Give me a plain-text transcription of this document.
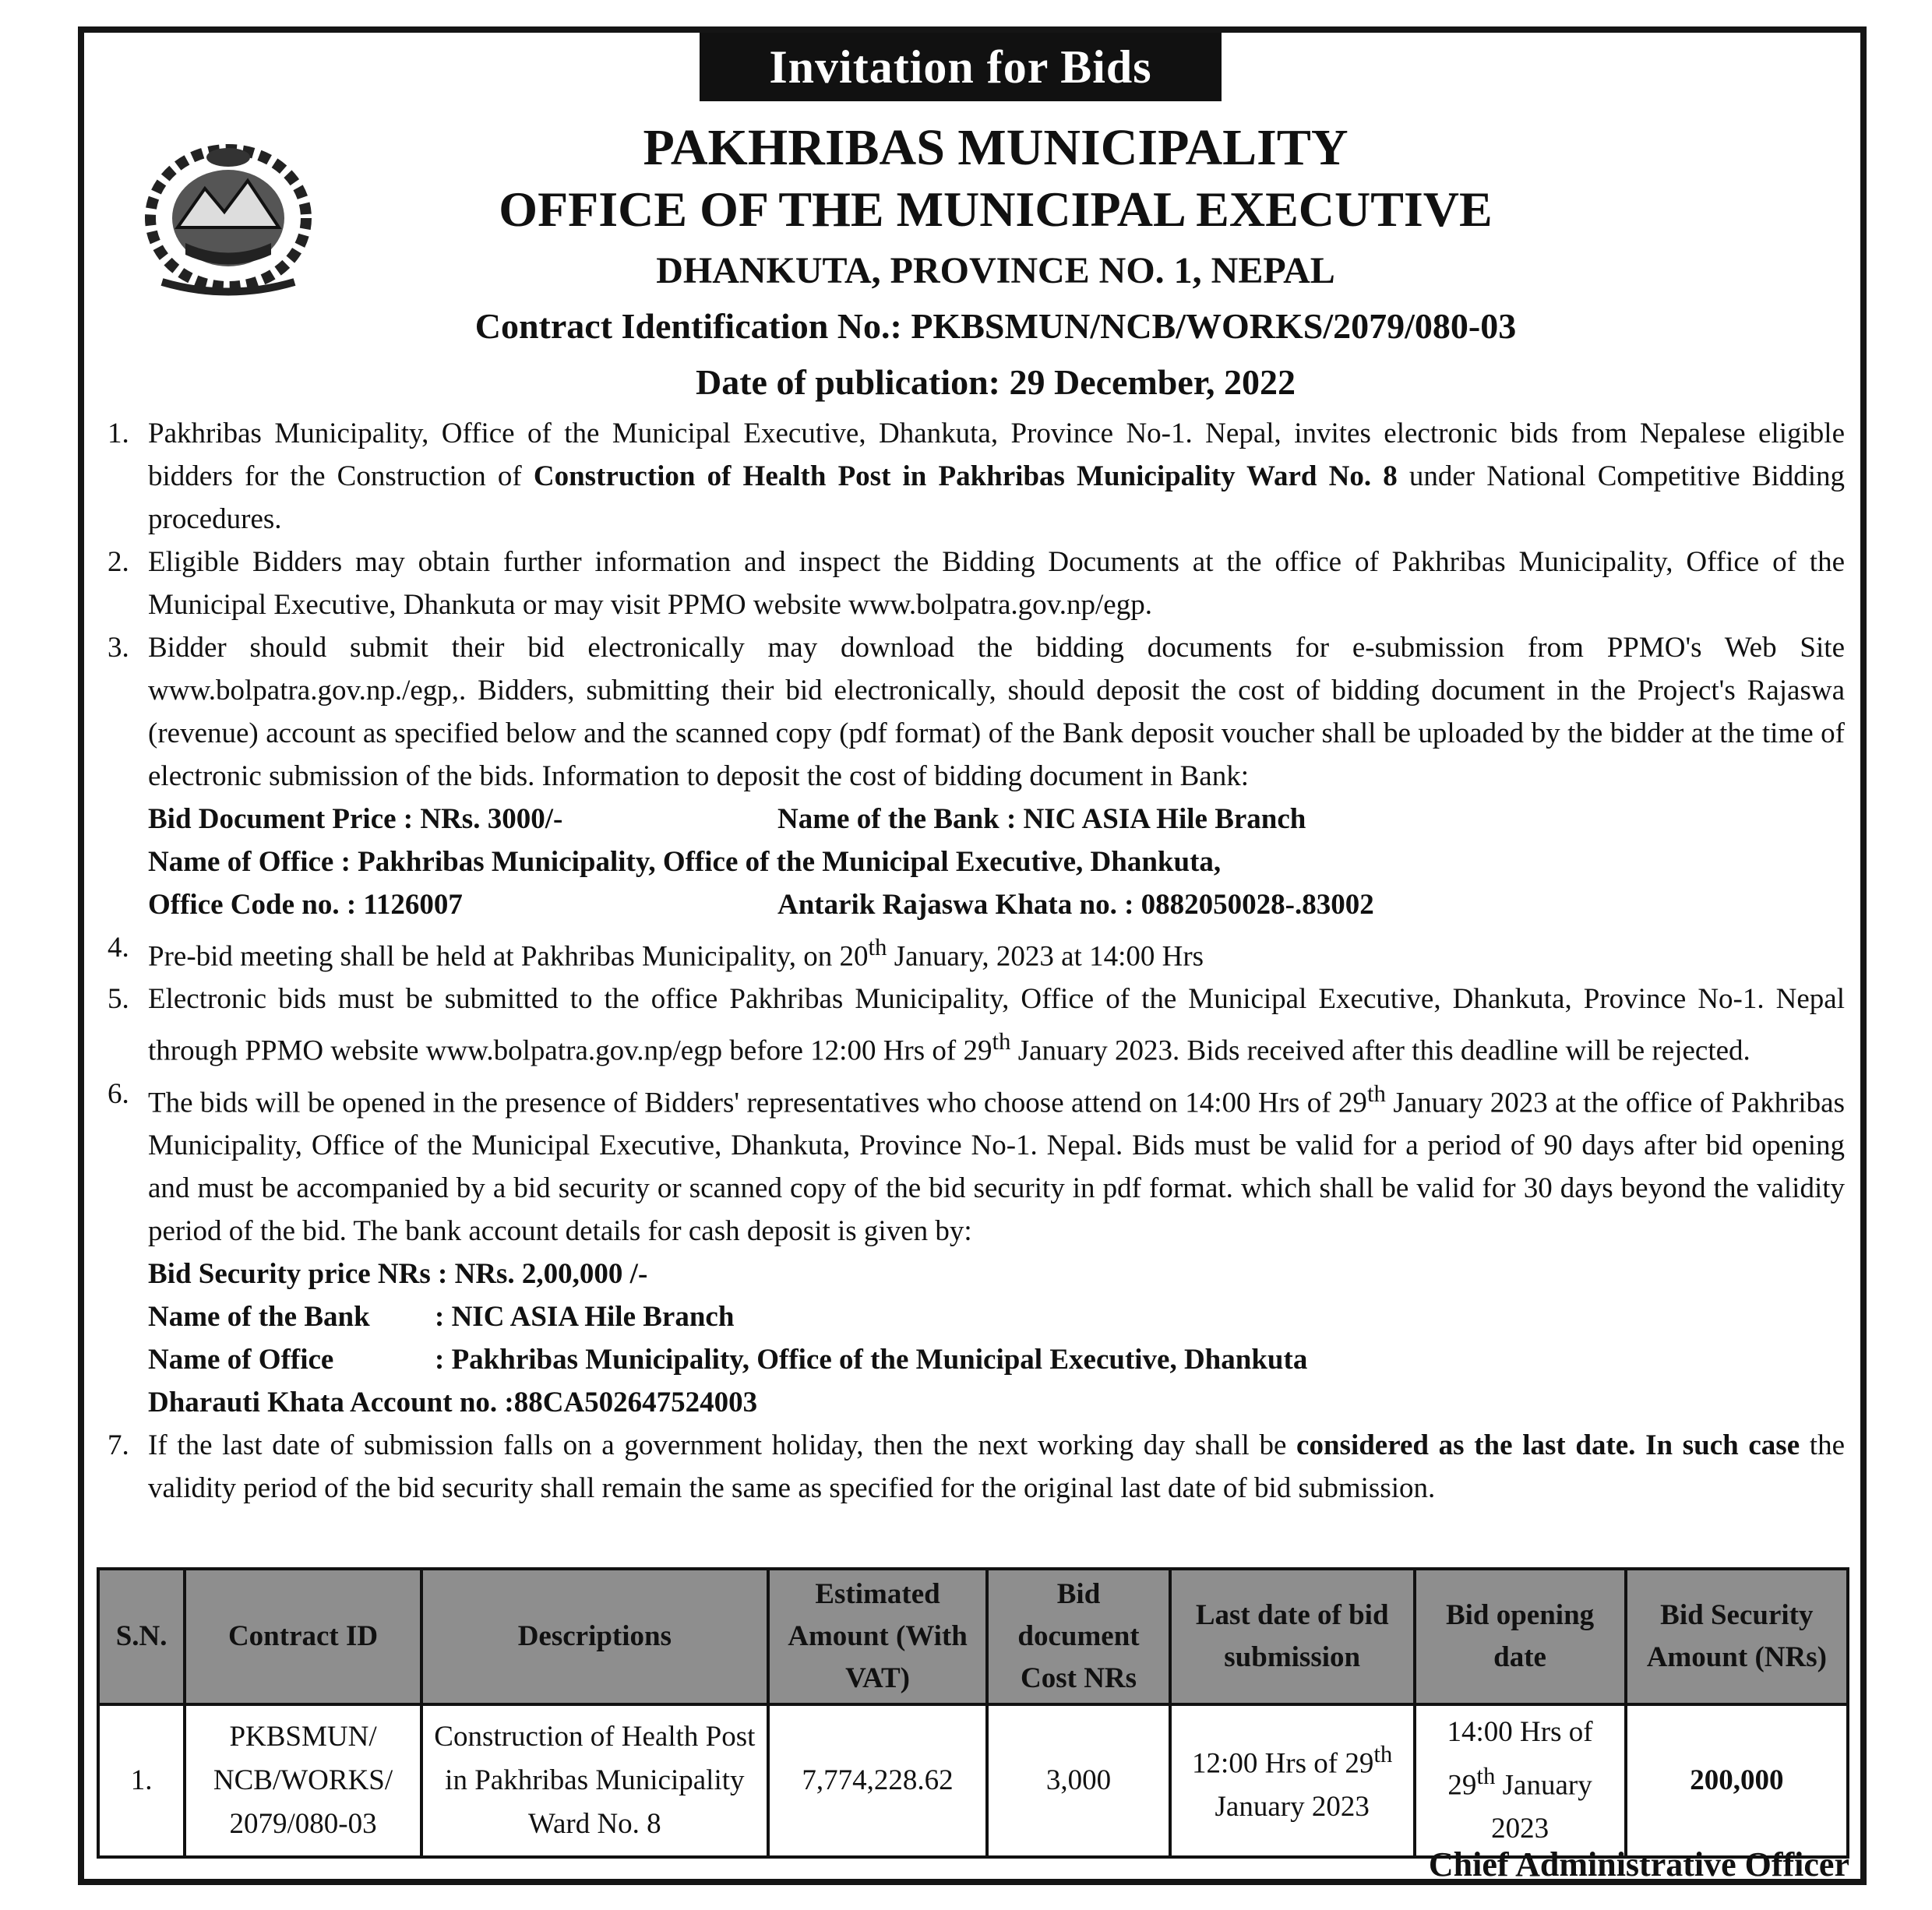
Invitation for Bids
PAKHRIBAS MUNICIPALITY
OFFICE OF THE MUNICIPAL EXECUTIVE
DHANKUTA, PROVINCE NO. 1, NEPAL
Contract Identification No.: PKBSMUN/NCB/WORKS/2079/080-03
Date of publication: 29 December, 2022
1. Pakhribas Municipality, Office of the Municipal Executive, Dhankuta, Province No-1. Nepal, invites electronic bids from Nepalese eligible bidders for the Construction of Construction of Health Post in Pakhribas Municipality Ward No. 8 under National Competitive Bidding procedures.
2. Eligible Bidders may obtain further information and inspect the Bidding Documents at the office of Pakhribas Municipality, Office of the Municipal Executive, Dhankuta or may visit PPMO website www.bolpatra.gov.np/egp.
3. Bidder should submit their bid electronically may download the bidding documents for e-submission from PPMO's Web Site www.bolpatra.gov.np./egp,. Bidders, submitting their bid electronically, should deposit the cost of bidding document in the Project's Rajaswa (revenue) account as specified below and the scanned copy (pdf format) of the Bank deposit voucher shall be uploaded by the bidder at the time of electronic submission of the bids. Information to deposit the cost of bidding document in Bank:
Bid Document Price : NRs. 3000/-	Name of the Bank : NIC ASIA Hile Branch
Name of Office : Pakhribas Municipality, Office of the Municipal Executive, Dhankuta,
Office Code no. : 1126007	Antarik Rajaswa Khata no. : 0882050028-.83002
4. Pre-bid meeting shall be held at Pakhribas Municipality, on 20th January, 2023 at 14:00 Hrs
5. Electronic bids must be submitted to the office Pakhribas Municipality, Office of the Municipal Executive, Dhankuta, Province No-1. Nepal through PPMO website www.bolpatra.gov.np/egp before 12:00 Hrs of 29th January 2023. Bids received after this deadline will be rejected.
6. The bids will be opened in the presence of Bidders' representatives who choose attend on 14:00 Hrs of 29th January 2023 at the office of Pakhribas Municipality, Office of the Municipal Executive, Dhankuta, Province No-1. Nepal. Bids must be valid for a period of 90 days after bid opening and must be accompanied by a bid security or scanned copy of the bid security in pdf format. which shall be valid for 30 days beyond the validity period of the bid. The bank account details for cash deposit is given by:
Bid Security price NRs : NRs. 2,00,000 /-
Name of the Bank : NIC ASIA Hile Branch
Name of Office	: Pakhribas Municipality, Office of the Municipal Executive, Dhankuta
Dharauti Khata Account no. :88CA502647524003
7. If the last date of submission falls on a government holiday, then the next working day shall be considered as the last date. In such case the validity period of the bid security shall remain the same as specified for the original last date of bid submission.
S.N.	Contract ID	Descriptions	Estimated Amount (With VAT)	Bid document Cost NRs	Last date of bid submission	Bid opening date	Bid Security Amount (NRs)
1.	PKBSMUN/ NCB/WORKS/ 2079/080-03	Construction of Health Post in Pakhribas Municipality Ward No. 8	7,774,228.62	3,000	12:00 Hrs of 29th January 2023	14:00 Hrs of 29th January 2023	200,000
Chief Administrative Officer
